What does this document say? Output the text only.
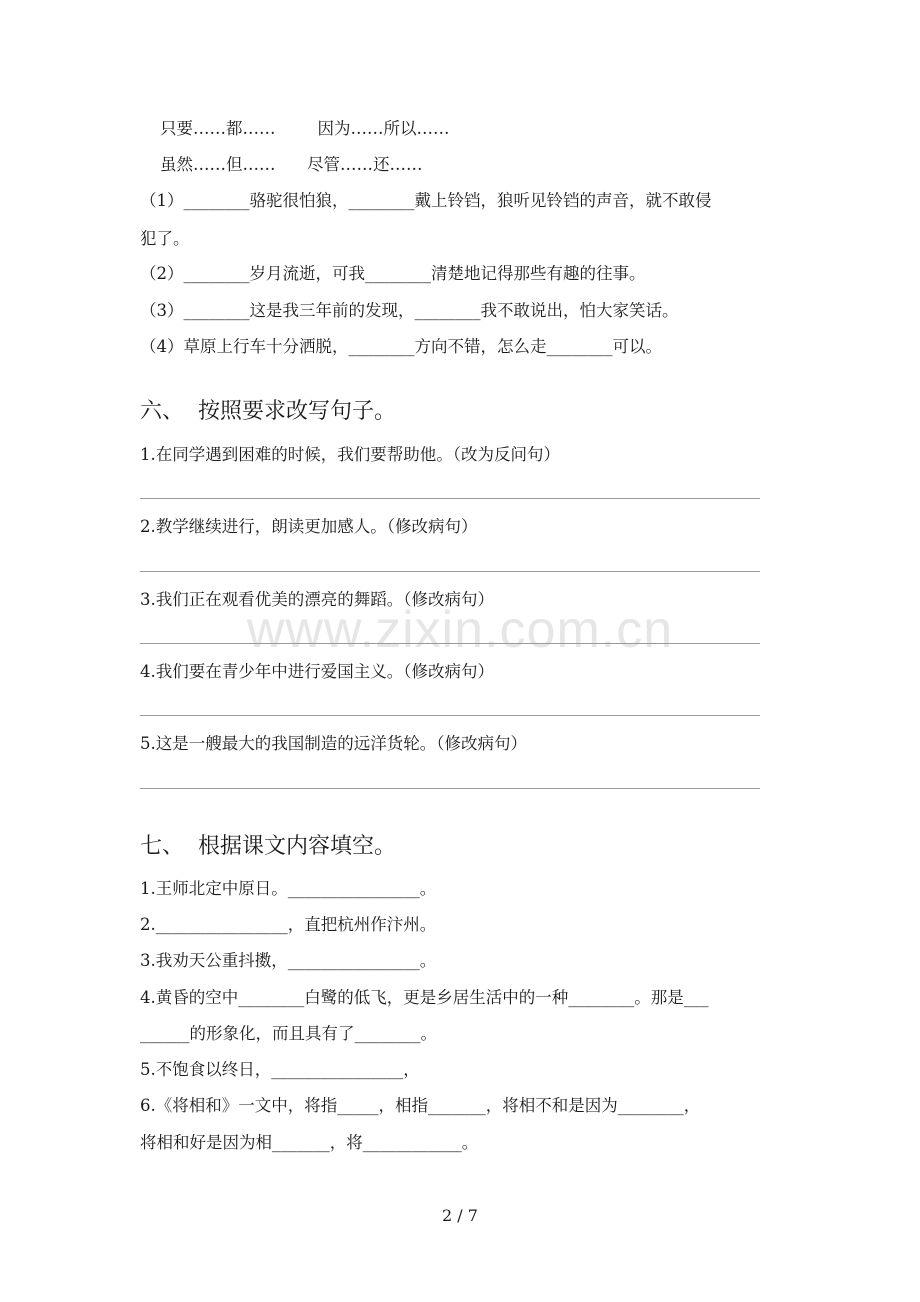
www.zixin.com.cn
只要……都……        因为……所以……
虽然……但……      尽管……还……
（1）________骆驼很怕狼，________戴上铃铛，狼听见铃铛的声音，就不敢侵
犯了。
（2）________岁月流逝，可我________清楚地记得那些有趣的往事。
（3）________这是我三年前的发现，________我不敢说出，怕大家笑话。
（4）草原上行车十分洒脱，________方向不错，怎么走________可以。
六、  按照要求改写句子。
1.在同学遇到困难的时候，我们要帮助他。（改为反问句）
2.教学继续进行，朗读更加感人。（修改病句）
3.我们正在观看优美的漂亮的舞蹈。（修改病句）
4.我们要在青少年中进行爱国主义。（修改病句）
5.这是一艘最大的我国制造的远洋货轮。（修改病句）
七、  根据课文内容填空。
1.王师北定中原日。________________。
2.________________，直把杭州作汴州。
3.我劝天公重抖擞，________________。
4.黄昏的空中________白鹭的低飞，更是乡居生活中的一种________。那是___
______的形象化，而且具有了________。
5.不饱食以终日，________________，
6.《将相和》一文中，将指_____，相指_______，将相不和是因为________，
将相和好是因为相_______，将____________。
2 / 7
